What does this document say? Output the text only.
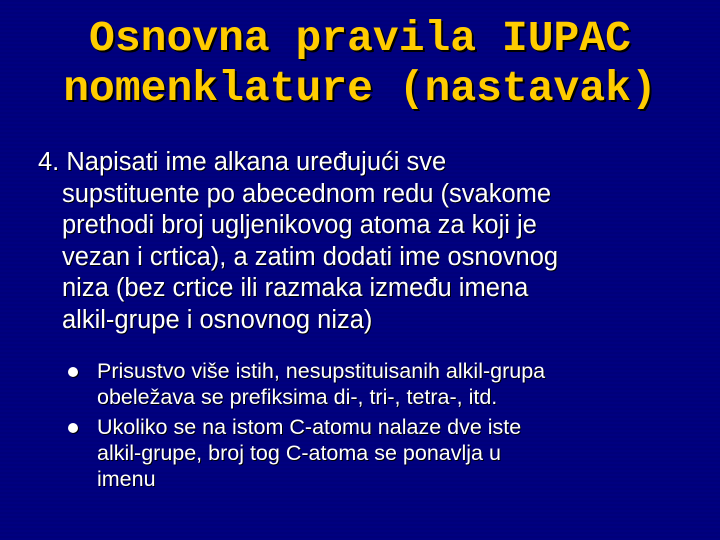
Osnovna pravila IUPAC
nomenklature (nastavak)
4. Napisati ime alkana uređujući sve
supstituente po abecednom redu (svakome
prethodi broj ugljenikovog atoma za koji je
vezan i crtica), a zatim dodati ime osnovnog
niza (bez crtice ili razmaka između imena
alkil-grupe i osnovnog niza)
Prisustvo više istih, nesupstituisanih alkil-grupa
obeležava se prefiksima di-, tri-, tetra-, itd.
Ukoliko se na istom C-atomu nalaze dve iste
alkil-grupe, broj tog C-atoma se ponavlja u
imenu
